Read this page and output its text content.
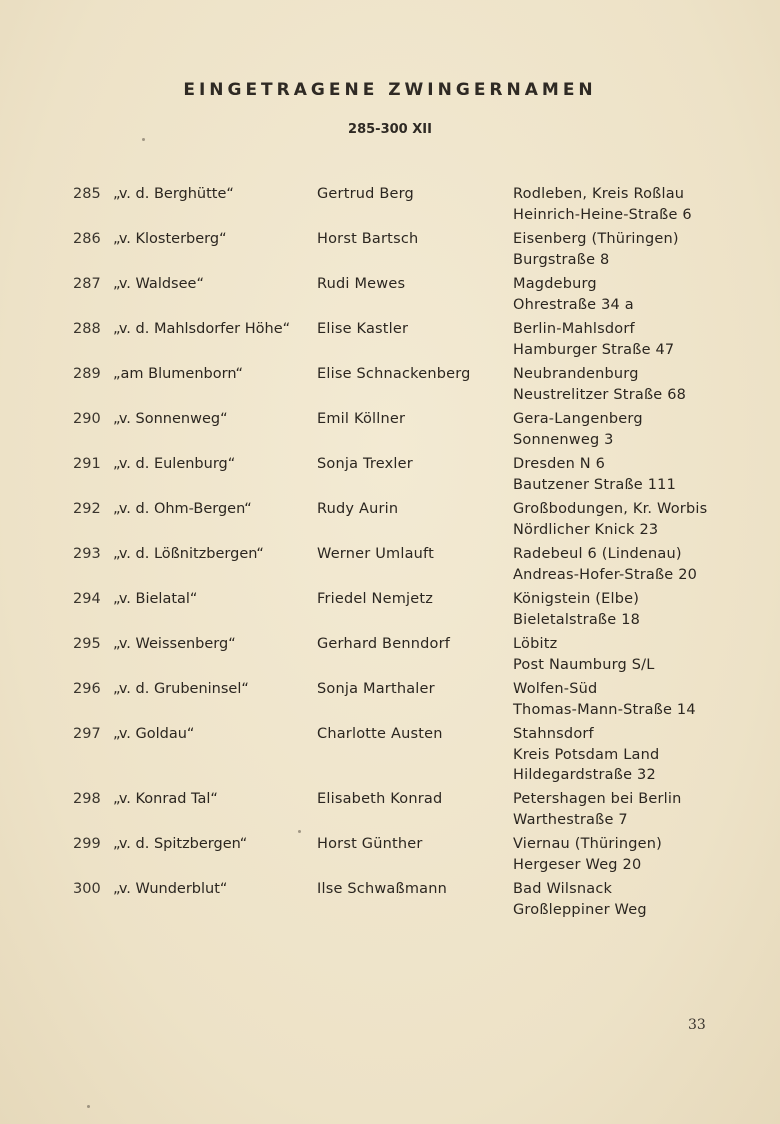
EINGETRAGENE ZWINGERNAMEN
285-300 XII
285 „v. d. Berghütte“	Gertrud Berg	Rodleben, Kreis Roßlau
Heinrich-Heine-Straße 6
286 „v. Klosterberg“	Horst Bartsch	Eisenberg (Thüringen)
Burgstraße 8
287 „v. Waldsee“	Rudi Mewes	Magdeburg
Ohrestraße 34 a
288 „v. d. Mahlsdorfer Höhe“ Elise Kastler	Berlin-Mahlsdorf
Hamburger Straße 47
289 „am Blumenborn“	Elise Schnackenberg	Neubrandenburg
Neustrelitzer Straße 68
290 „v. Sonnenweg“	Emil Köllner	Gera-Langenberg
Sonnenweg 3
291 „v. d. Eulenburg“	Sonja Trexler	Dresden N 6
Bautzener Straße 111
292 „v. d. Ohm-Bergen“	Rudy Aurin	Großbodungen, Kr. Worbis
Nördlicher Knick 23
293 „v. d. Lößnitzbergen“	Werner Umlauft	Radebeul 6 (Lindenau)
Andreas-Hofer-Straße 20
294 „v. Bielatal“	Friedel Nemjetz	Königstein (Elbe)
Bieletalstraße 18
295 „v. Weissenberg“	Gerhard Benndorf	Löbitz
Post Naumburg S/L
296 „v. d. Grubeninsel“	Sonja Marthaler	Wolfen-Süd
Thomas-Mann-Straße 14
297 „v. Goldau“	Charlotte Austen	Stahnsdorf
Kreis Potsdam Land
Hildegardstraße 32
298 „v. Konrad Tal“	Elisabeth Konrad	Petershagen bei Berlin
Warthestraße 7
299 „v. d. Spitzbergen“	Horst Günther	Viernau (Thüringen)
Hergeser Weg 20
300 „v. Wunderblut“	Ilse Schwaßmann	Bad Wilsnack
Großleppiner Weg
33
